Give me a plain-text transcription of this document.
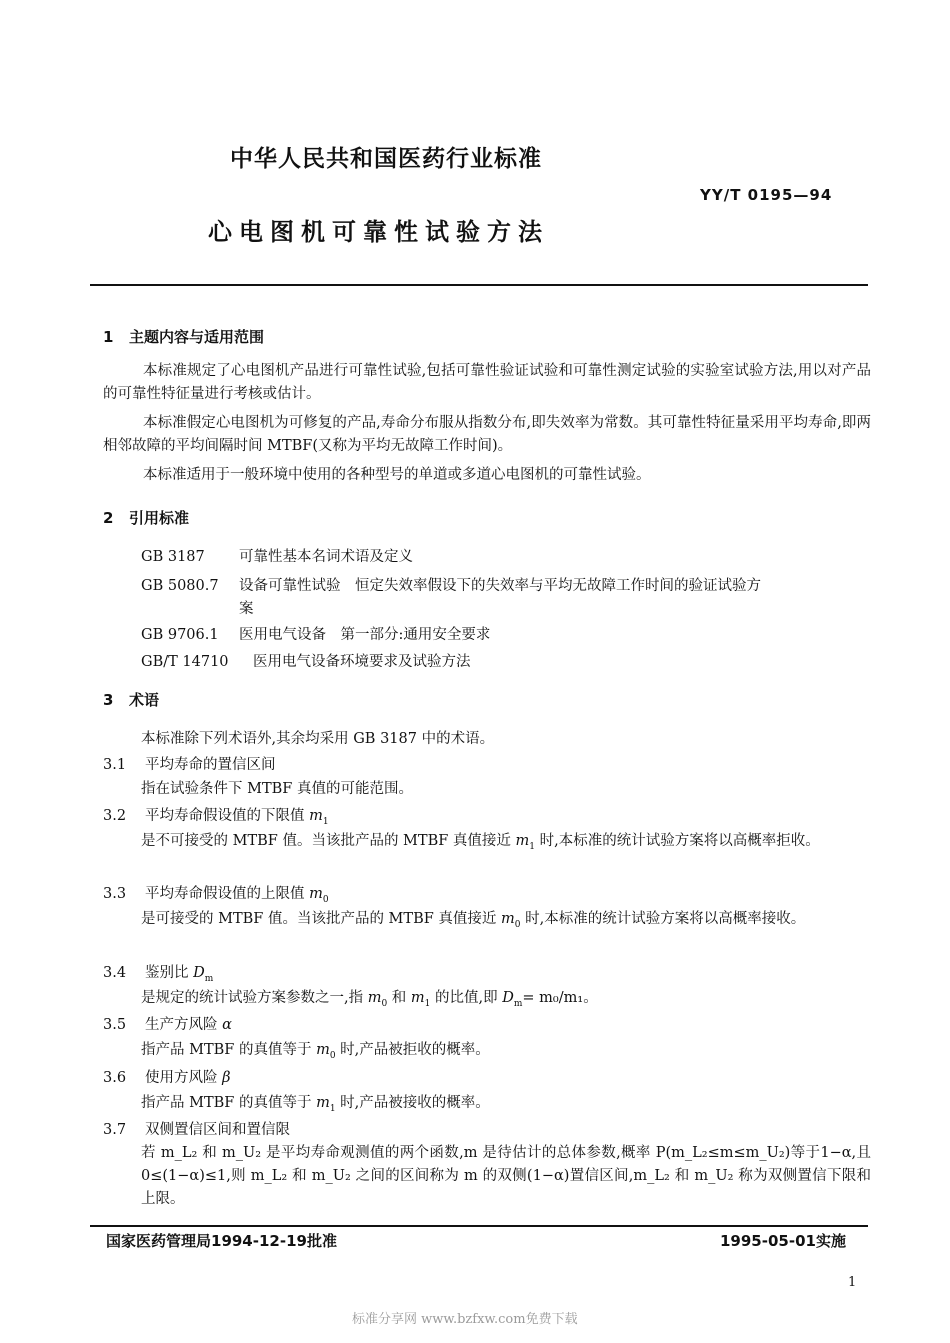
中华人民共和国医药行业标准
YY/T 0195—94
心电图机可靠性试验方法
1 主题内容与适用范围
本标准规定了心电图机产品进行可靠性试验,包括可靠性验证试验和可靠性测定试验的实验室试验方法,用以对产品的可靠性特征量进行考核或估计。
本标准假定心电图机为可修复的产品,寿命分布服从指数分布,即失效率为常数。其可靠性特征量采用平均寿命,即两相邻故障的平均间隔时间 MTBF(又称为平均无故障工作时间)。
本标准适用于一般环境中使用的各种型号的单道或多道心电图机的可靠性试验。
2 引用标准
GB 3187 可靠性基本名词术语及定义
GB 5080.7 设备可靠性试验　恒定失效率假设下的失效率与平均无故障工作时间的验证试验方
案
GB 9706.1 医用电气设备　第一部分:通用安全要求
GB/T 14710 医用电气设备环境要求及试验方法
3 术语
本标准除下列术语外,其余均采用 GB 3187 中的术语。
3.1 平均寿命的置信区间
指在试验条件下 MTBF 真值的可能范围。
3.2 平均寿命假设值的下限值 $m_1$
是不可接受的 MTBF 值。当该批产品的 MTBF 真值接近 $m_1$ 时,本标准的统计试验方案将以高概率拒收。
3.3 平均寿命假设值的上限值 $m_0$
是可接受的 MTBF 值。当该批产品的 MTBF 真值接近 $m_0$ 时,本标准的统计试验方案将以高概率接收。
3.4 鉴别比 $D_m$
是规定的统计试验方案参数之一,指 $m_0$ 和 $m_1$ 的比值,即 $D_m= m_0/m_1$。
3.5 生产方风险 α
指产品 MTBF 的真值等于 $m_0$ 时,产品被拒收的概率。
3.6 使用方风险 β
指产品 MTBF 的真值等于 $m_1$ 时,产品被接收的概率。
3.7 双侧置信区间和置信限
若 m_L₂ 和 m_U₂ 是平均寿命观测值的两个函数,m 是待估计的总体参数,概率 P(m_L₂≤m≤m_U₂)等于1−α,且 0≤(1−α)≤1,则 m_L₂ 和 m_U₂ 之间的区间称为 m 的双侧(1−α)置信区间,m_L₂ 和 m_U₂ 称为双侧置信下限和上限。
国家医药管理局1994-12-19批准	1995-05-01实施
1
标准分享网 www.bzfxw.com免费下载
